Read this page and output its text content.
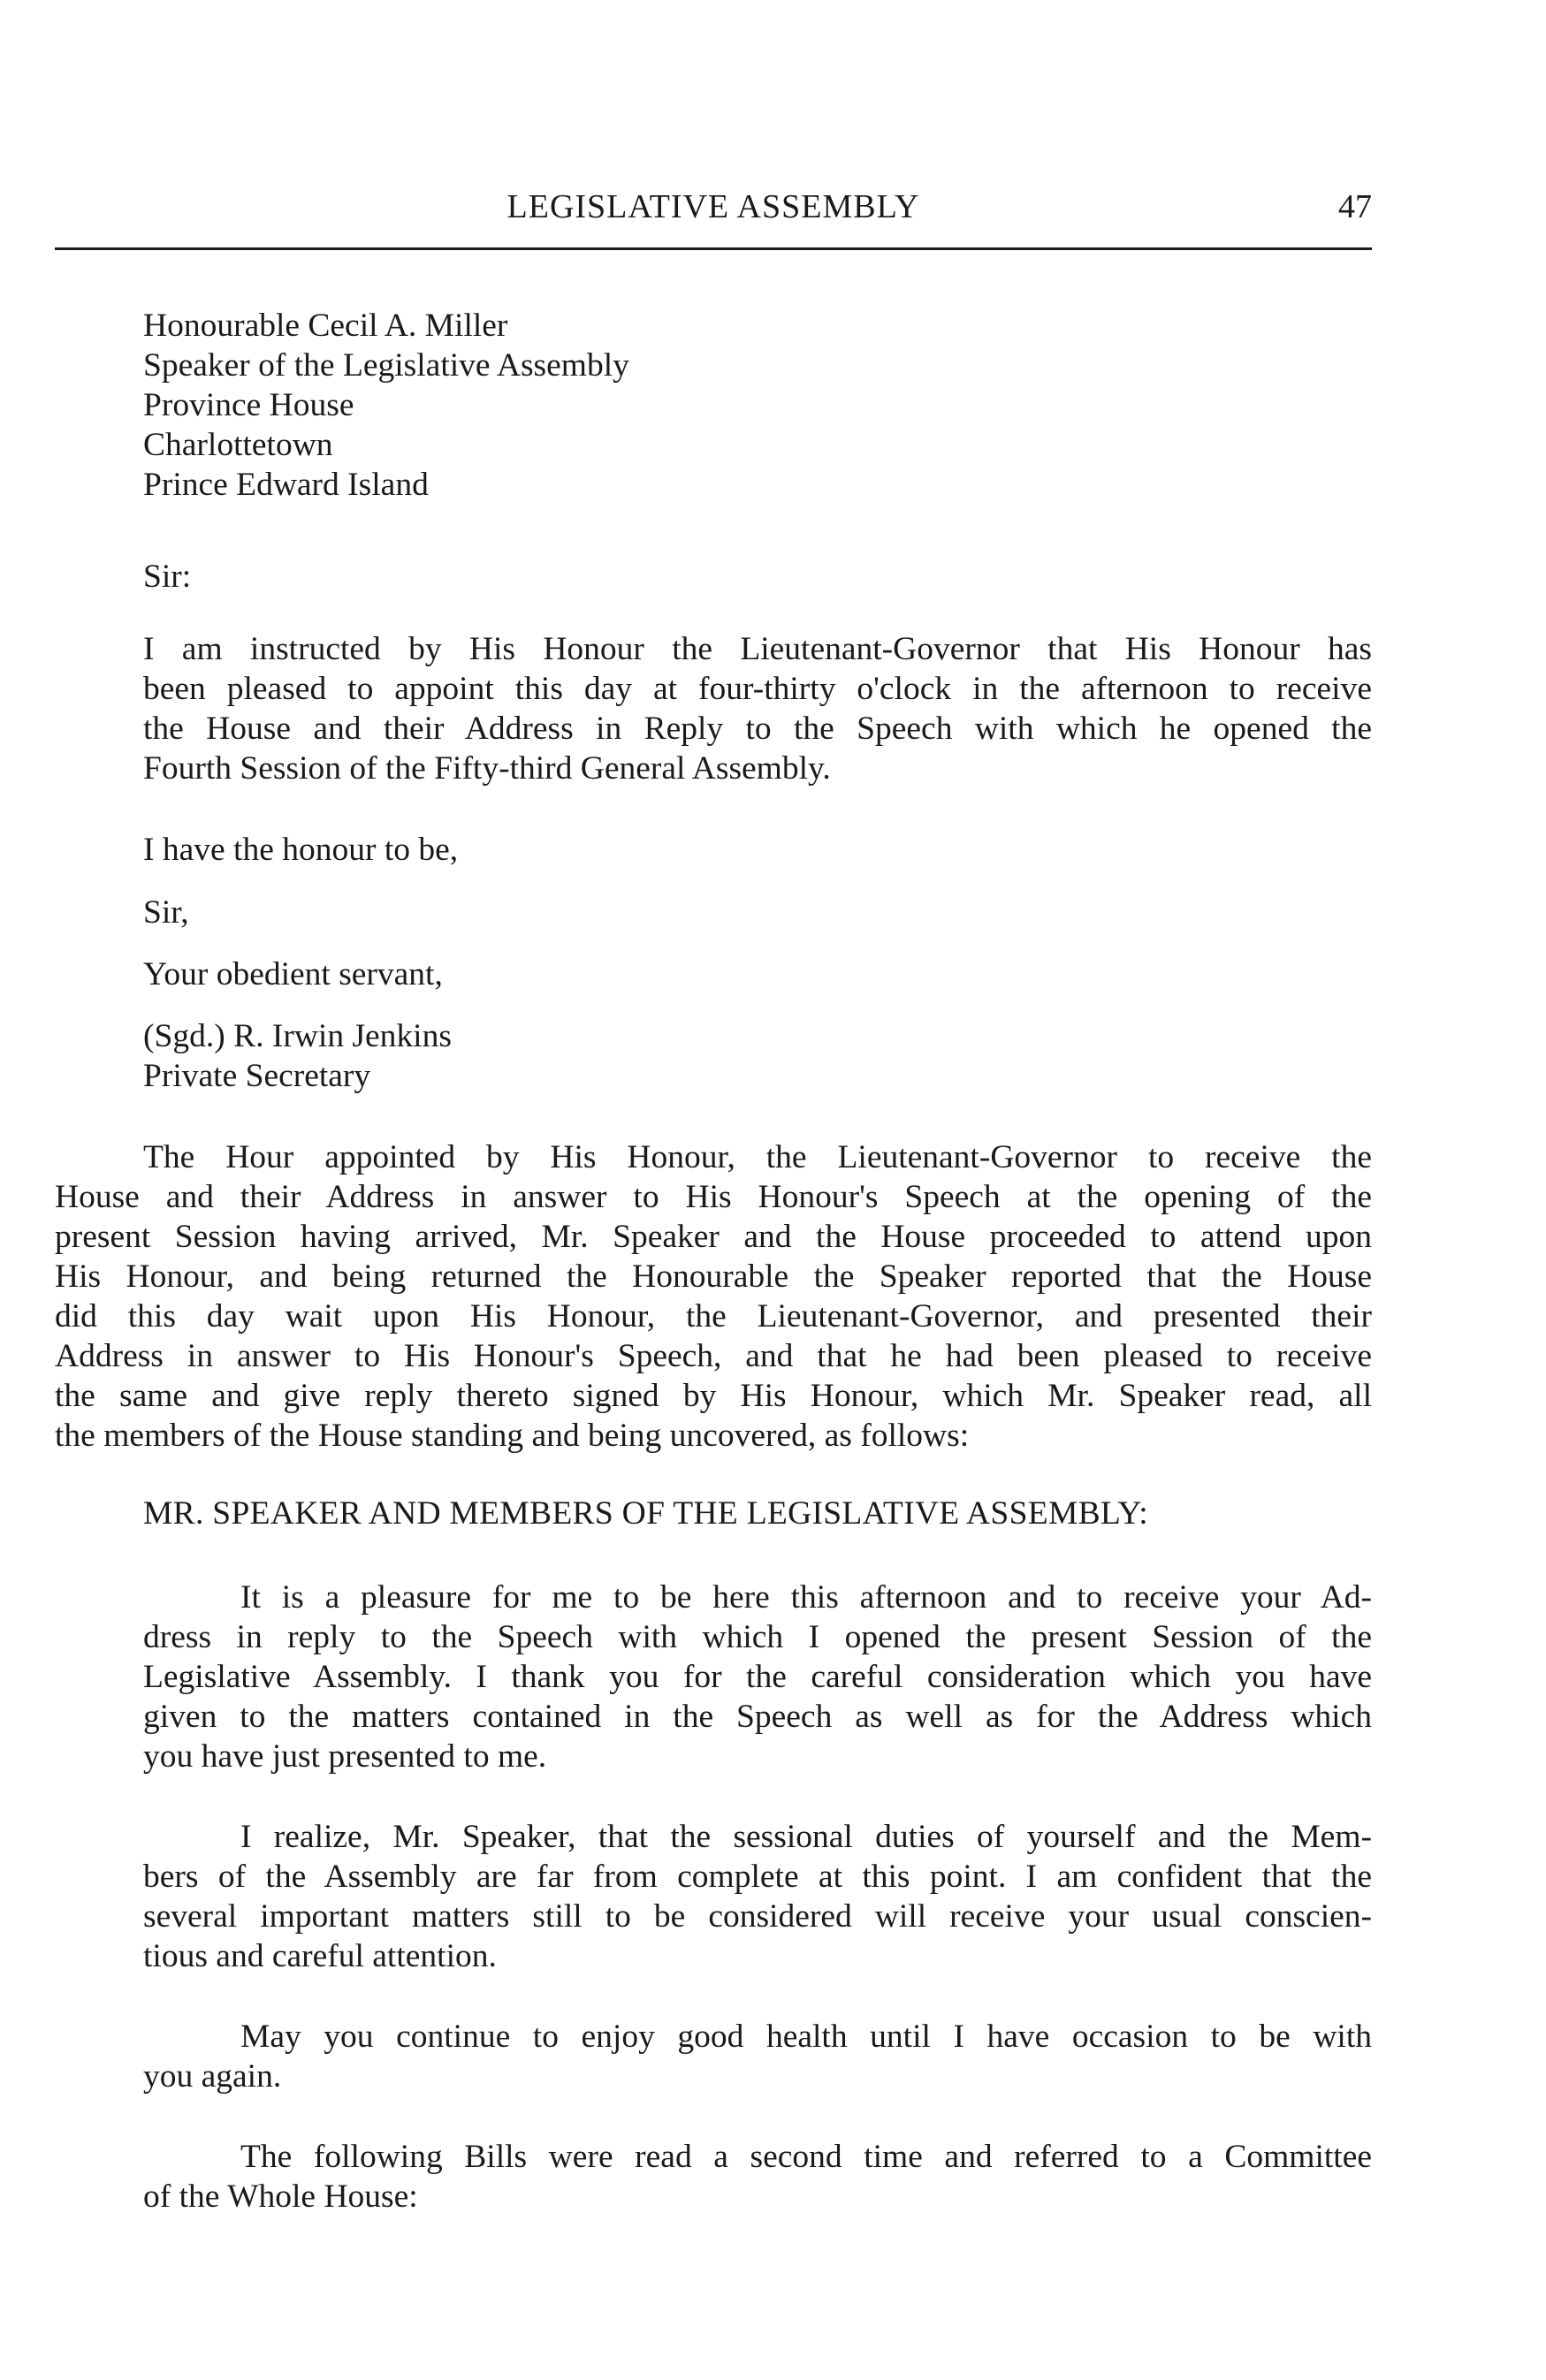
LEGISLATIVE ASSEMBLY	47
Honourable Cecil A. Miller
Speaker of the Legislative Assembly
Province House
Charlottetown
Prince Edward Island
Sir:
I am instructed by His Honour the Lieutenant-Governor that His Honour has
been pleased to appoint this day at four-thirty o'clock in the afternoon to receive
the House and their Address in Reply to the Speech with which he opened the
Fourth Session of the Fifty-third General Assembly.
I have the honour to be,
Sir,
Your obedient servant,
(Sgd.) R. Irwin Jenkins
Private Secretary
The Hour appointed by His Honour, the Lieutenant-Governor to receive the
House and their Address in answer to His Honour's Speech at the opening of the
present Session having arrived, Mr. Speaker and the House proceeded to attend upon
His Honour, and being returned the Honourable the Speaker reported that the House
did this day wait upon His Honour, the Lieutenant-Governor, and presented their
Address in answer to His Honour's Speech, and that he had been pleased to receive
the same and give reply thereto signed by His Honour, which Mr. Speaker read, all
the members of the House standing and being uncovered, as follows:
MR. SPEAKER AND MEMBERS OF THE LEGISLATIVE ASSEMBLY:
It is a pleasure for me to be here this afternoon and to receive your Ad-
dress in reply to the Speech with which I opened the present Session of the
Legislative Assembly. I thank you for the careful consideration which you have
given to the matters contained in the Speech as well as for the Address which
you have just presented to me.
I realize, Mr. Speaker, that the sessional duties of yourself and the Mem-
bers of the Assembly are far from complete at this point. I am confident that the
several important matters still to be considered will receive your usual conscien-
tious and careful attention.
May you continue to enjoy good health until I have occasion to be with
you again.
The following Bills were read a second time and referred to a Committee
of the Whole House:
